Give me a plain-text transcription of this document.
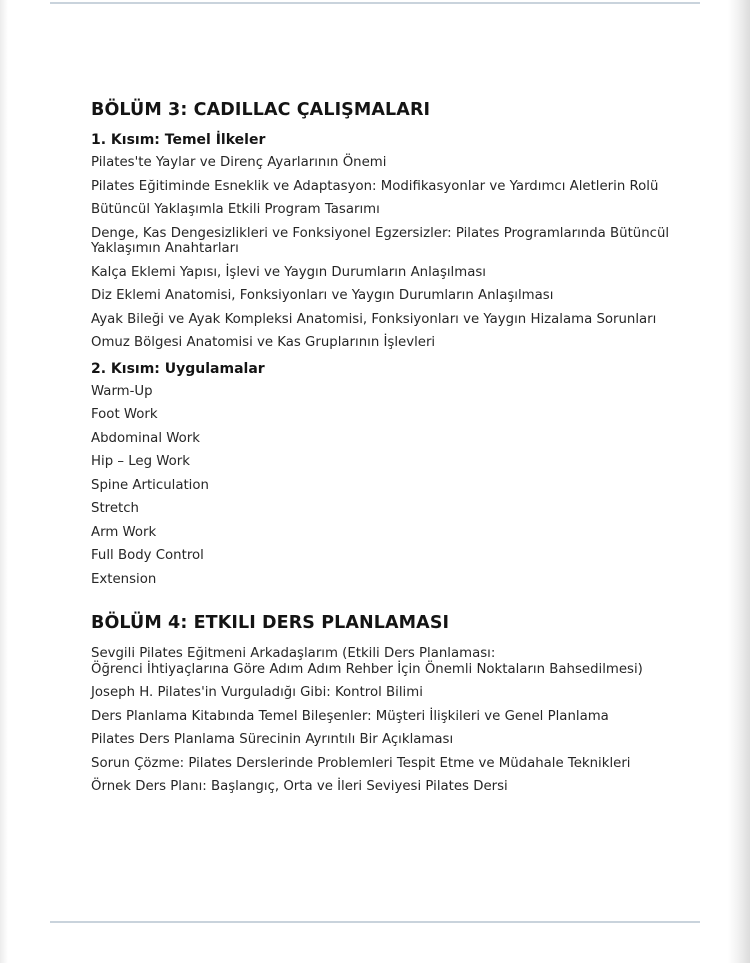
BÖLÜM 3: CADILLAC ÇALIŞMALARI
1. Kısım: Temel İlkeler
Pilates'te Yaylar ve Direnç Ayarlarının Önemi
Pilates Eğitiminde Esneklik ve Adaptasyon: Modifikasyonlar ve Yardımcı Aletlerin Rolü
Bütüncül Yaklaşımla Etkili Program Tasarımı
Denge, Kas Dengesizlikleri ve Fonksiyonel Egzersizler: Pilates Programlarında Bütüncül Yaklaşımın Anahtarları
Kalça Eklemi Yapısı, İşlevi ve Yaygın Durumların Anlaşılması
Diz Eklemi Anatomisi, Fonksiyonları ve Yaygın Durumların Anlaşılması
Ayak Bileği ve Ayak Kompleksi Anatomisi, Fonksiyonları ve Yaygın Hizalama Sorunları
Omuz Bölgesi Anatomisi ve Kas Gruplarının İşlevleri
2. Kısım: Uygulamalar
Warm-Up
Foot Work
Abdominal Work
Hip – Leg Work
Spine Articulation
Stretch
Arm Work
Full Body Control
Extension
BÖLÜM 4: ETKILI DERS PLANLAMASI
Sevgili Pilates Eğitmeni Arkadaşlarım (Etkili Ders Planlaması:
Öğrenci İhtiyaçlarına Göre Adım Adım Rehber İçin Önemli Noktaların Bahsedilmesi)
Joseph H. Pilates'in Vurguladığı Gibi: Kontrol Bilimi
Ders Planlama Kitabında Temel Bileşenler: Müşteri İlişkileri ve Genel Planlama
Pilates Ders Planlama Sürecinin Ayrıntılı Bir Açıklaması
Sorun Çözme: Pilates Derslerinde Problemleri Tespit Etme ve Müdahale Teknikleri
Örnek Ders Planı: Başlangıç, Orta ve İleri Seviyesi Pilates Dersi
